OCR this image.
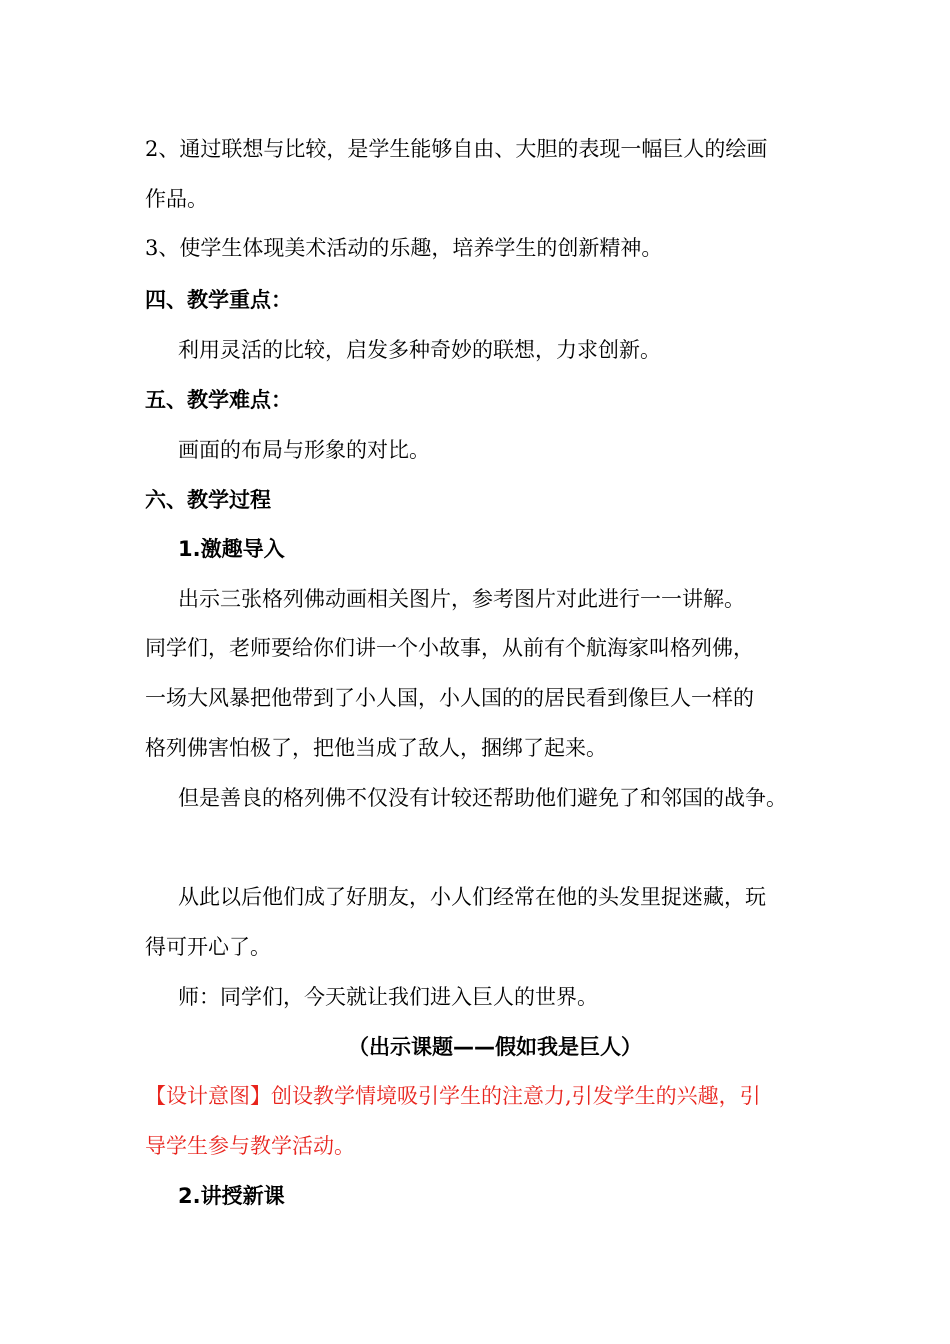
2、通过联想与比较，是学生能够自由、大胆的表现一幅巨人的绘画
作品。
3、使学生体现美术活动的乐趣，培养学生的创新精神。
四、教学重点：
利用灵活的比较，启发多种奇妙的联想，力求创新。
五、教学难点：
画面的布局与形象的对比。
六、教学过程
1.激趣导入
出示三张格列佛动画相关图片，参考图片对此进行一一讲解。
同学们，老师要给你们讲一个小故事，从前有个航海家叫格列佛，
一场大风暴把他带到了小人国，小人国的的居民看到像巨人一样的
格列佛害怕极了，把他当成了敌人，捆绑了起来。
但是善良的格列佛不仅没有计较还帮助他们避免了和邻国的战争。
从此以后他们成了好朋友，小人们经常在他的头发里捉迷藏，玩
得可开心了。
师：同学们，今天就让我们进入巨人的世界。
（出示课题——假如我是巨人）
【设计意图】创设教学情境吸引学生的注意力,引发学生的兴趣，引
导学生参与教学活动。
2.讲授新课
